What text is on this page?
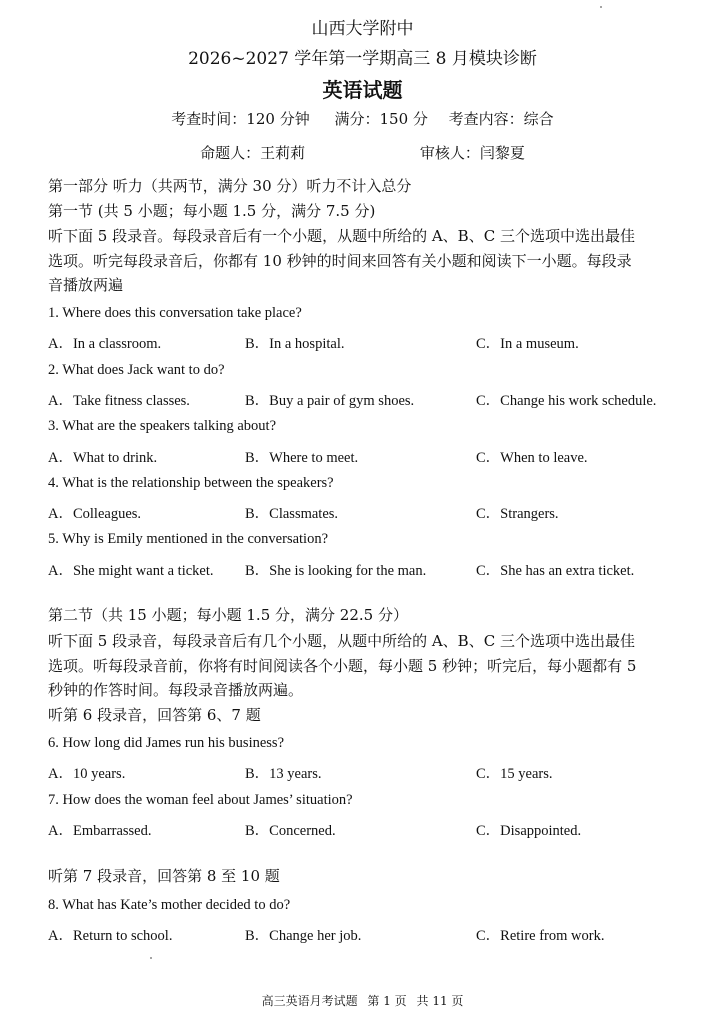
山西大学附中
2026~2027 学年第一学期高三 8 月模块诊断
英语试题
考查时间：120 分钟 满分：150 分 考查内容：综合
命题人：王莉莉	审核人：闫黎夏
第一部分 听力（共两节，满分 30 分）听力不计入总分
第一节 (共 5 小题；每小题 1.5 分，满分 7.5 分)
听下面 5 段录音。每段录音后有一个小题，从题中所给的 A、B、C 三个选项中选出最佳
选项。听完每段录音后，你都有 10 秒钟的时间来回答有关小题和阅读下一小题。每段录
音播放两遍
1. Where does this conversation take place?
A．In a classroom.	B．In a hospital.	C．In a museum.
2. What does Jack want to do?
A．Take fitness classes.	B．Buy a pair of gym shoes.	C．Change his work schedule.
3. What are the speakers talking about?
A．What to drink.	B．Where to meet.	C．When to leave.
4. What is the relationship between the speakers?
A．Colleagues.	B．Classmates.	C．Strangers.
5. Why is Emily mentioned in the conversation?
A．She might want a ticket. B．She is looking for the man.	C．She has an extra ticket.
第二节（共 15 小题；每小题 1.5 分，满分 22.5 分）
听下面 5 段录音，每段录音后有几个小题，从题中所给的 A、B、C 三个选项中选出最佳
选项。听每段录音前，你将有时间阅读各个小题，每小题 5 秒钟；听完后，每小题都有 5
秒钟的作答时间。每段录音播放两遍。
听第 6 段录音，回答第 6、7 题
6. How long did James run his business?
A．10 years.	B．13 years.	C．15 years.
7. How does the woman feel about James’ situation?
A．Embarrassed.	B．Concerned.	C．Disappointed.
听第 7 段录音，回答第 8 至 10 题
8. What has Kate’s mother decided to do?
A．Return to school.	B．Change her job.	C．Retire from work.
高三英语月考试题 第 1 页 共 11 页
